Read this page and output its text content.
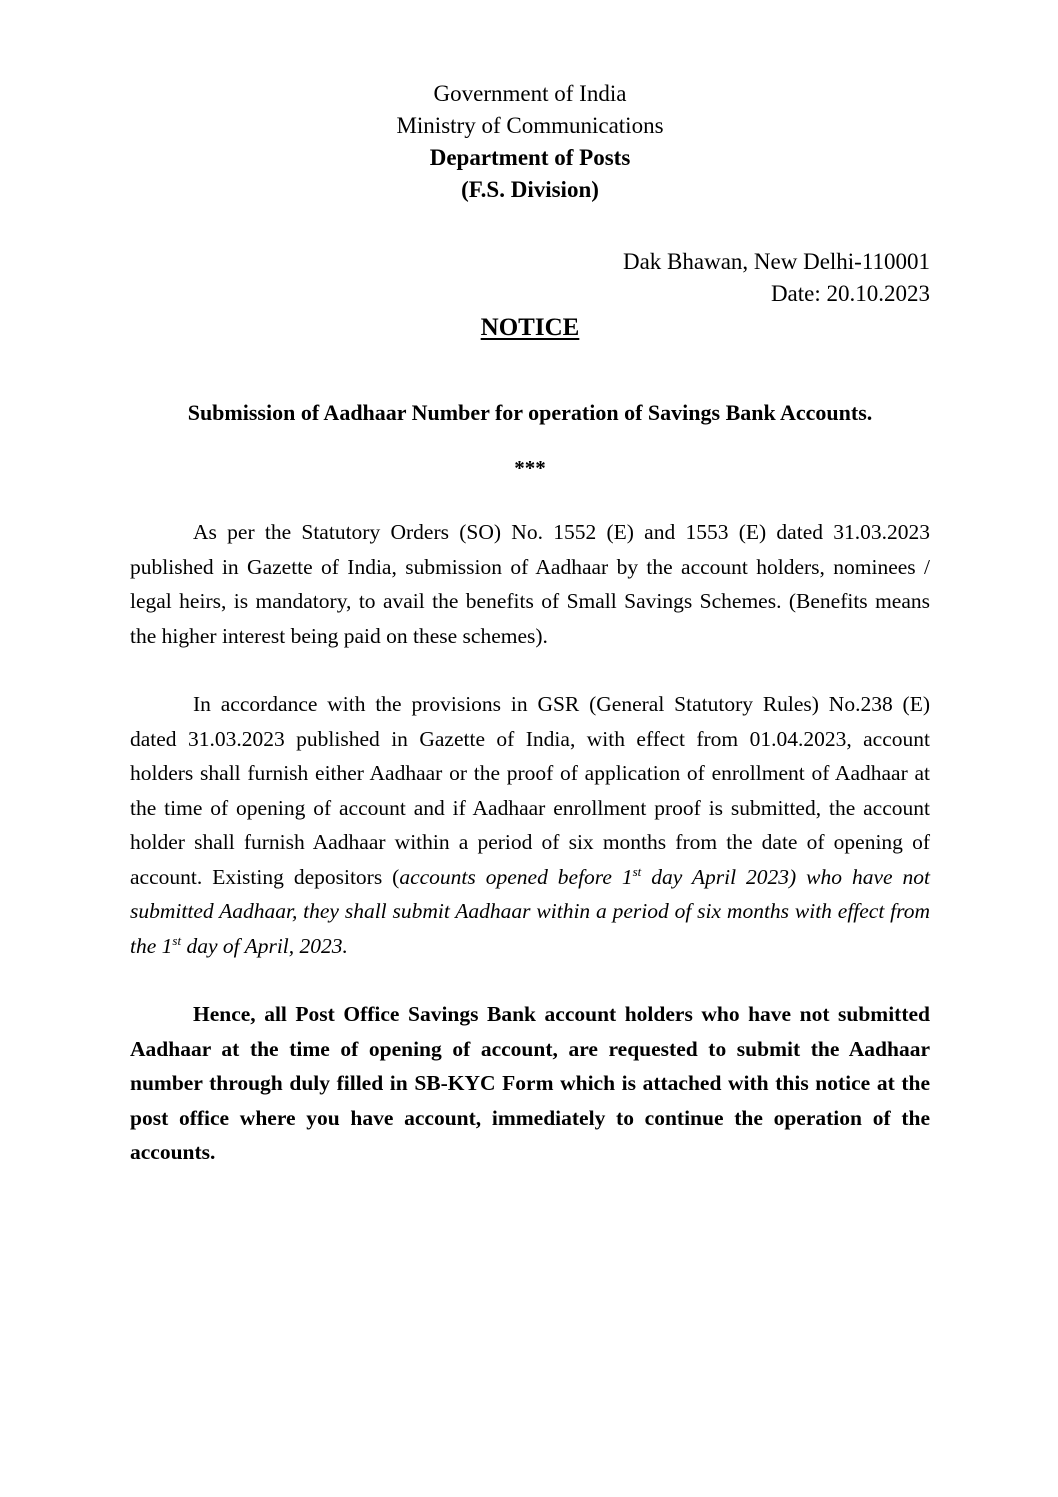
Government of India
Ministry of Communications
Department of Posts
(F.S. Division)
Dak Bhawan, New Delhi-110001
Date: 20.10.2023
NOTICE
Submission of Aadhaar Number for operation of Savings Bank Accounts.
***

As per the Statutory Orders (SO) No. 1552 (E) and 1553 (E) dated 31.03.2023 published in Gazette of India, submission of Aadhaar by the account holders, nominees / legal heirs, is mandatory, to avail the benefits of Small Savings Schemes. (Benefits means the higher interest being paid on these schemes).

In accordance with the provisions in GSR (General Statutory Rules) No.238 (E) dated 31.03.2023 published in Gazette of India, with effect from 01.04.2023, account holders shall furnish either Aadhaar or the proof of application of enrollment of Aadhaar at the time of opening of account and if Aadhaar enrollment proof is submitted, the account holder shall furnish Aadhaar within a period of six months from the date of opening of account. Existing depositors (accounts opened before 1st day April 2023) who have not submitted Aadhaar, they shall submit Aadhaar within a period of six months with effect from the 1st day of April, 2023.

Hence, all Post Office Savings Bank account holders who have not submitted Aadhaar at the time of opening of account, are requested to submit the Aadhaar number through duly filled in SB-KYC Form which is attached with this notice at the post office where you have account, immediately to continue the operation of the accounts.
